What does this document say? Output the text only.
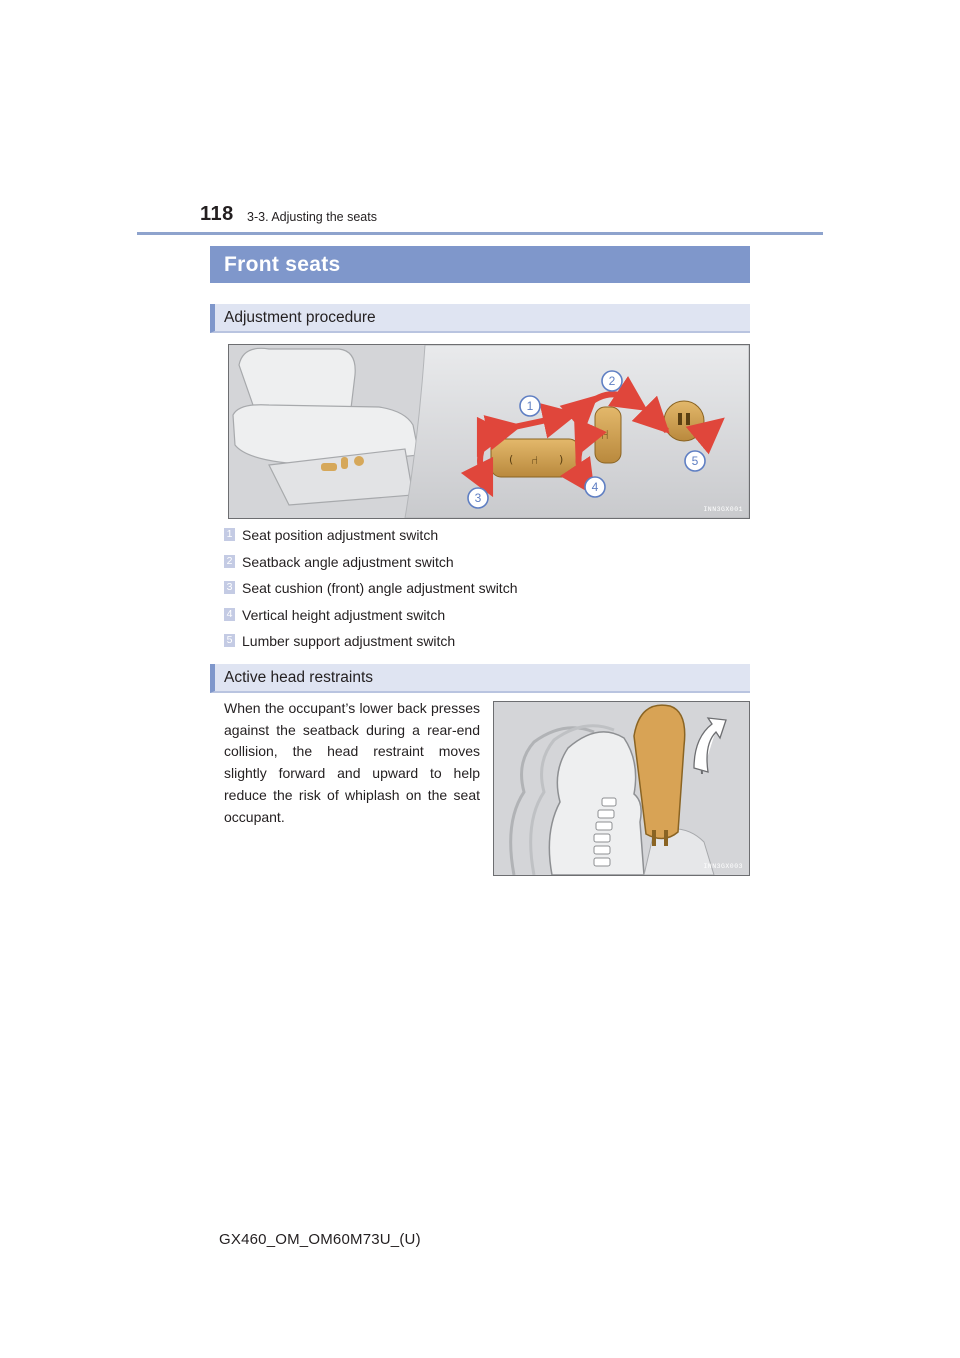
118 3-3. Adjusting the seats
Front seats
Adjustment procedure
(	)
⑁
⑁
1
2
3
4
5
INN3GX001
1 Seat position adjustment switch
2 Seatback angle adjustment switch
3 Seat cushion (front) angle adjustment switch
4 Vertical height adjustment switch
5 Lumber support adjustment switch
Active head restraints

When the occupant’s lower back presses against the seatback during a rear-end collision, the head restraint moves slightly forward and upward to help reduce the risk of whiplash on the seat occupant.

INN3GX003
GX460_OM_OM60M73U_(U)
